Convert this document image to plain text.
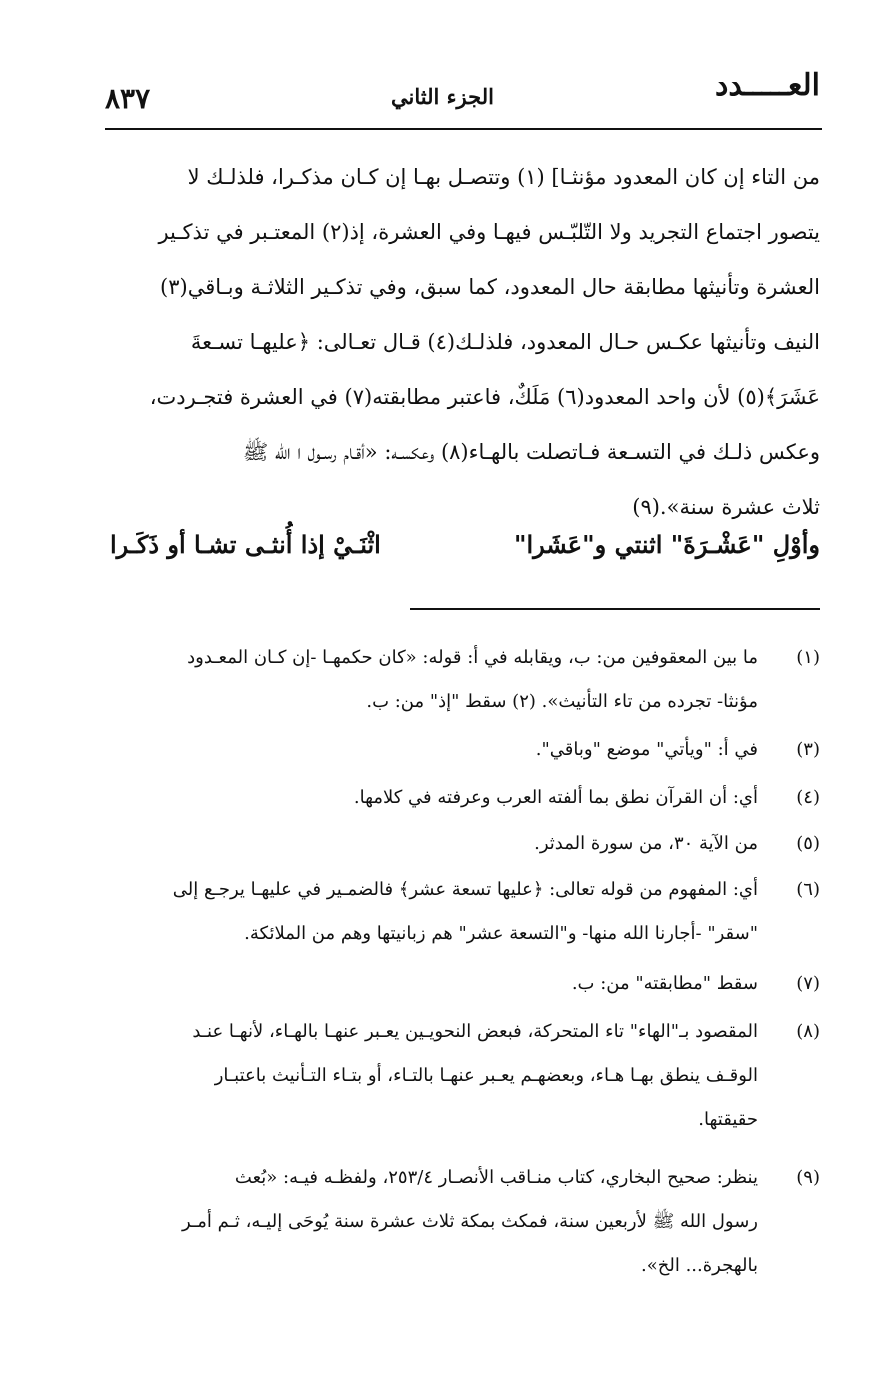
العـــــدد
الجزء الثاني
٨٣٧
من التاء إن كان المعدود مؤنثـا] (١) وتتصـل بهـا إن كـان مذكـرا، فلذلـك لا
يتصور اجتماع التجريد ولا التّلبّـس فيهـا وفي العشرة، إذ(٢) المعتـبر في تذكـير
العشرة وتأنيثها مطابقة حال المعدود، كما سبق، وفي تذكـير الثلاثـة وبـاقي(٣)
النيف وتأنيثها عكـس حـال المعدود، فلذلـك(٤) قـال تعـالى: ﴿عليهـا تسـعةَ
عَشَرَ﴾(٥) لأن واحد المعدود(٦) مَلَكٌ، فاعتبر مطابقته(٧) في العشرة فتجـردت،
وعكس ذلـك في التسـعة فـاتصلت بالهـاء(٨) وعكسـه: «أقـام رسـول ا الله ﷺ
ثلاث عشرة سنة».(٩)
وأوْلِ "عَشْـرَةَ" اثنتي و"عَشَرا"
اثْنَـيْ إذا أُنثـى تشـا أو ذَكَـرا
(١)
ما بين المعقوفين من: ب، ويقابله في أ: قوله: «كان حكمهـا -إن كـان المعـدود
مؤنثا- تجرده من تاء التأنيث». (٢) سقط "إذ" من: ب.
(٣)
في أ: "ويأتي" موضع "وباقي".
(٤)
أي: أن القرآن نطق بما ألفته العرب وعرفته في كلامها.
(٥)
من الآية ٣٠، من سورة المدثر.
(٦)
أي: المفهوم من قوله تعالى: ﴿عليها تسعة عشر﴾ فالضمـير في عليهـا يرجـع إلى
"سقر" -أجارنا الله منها- و"التسعة عشر" هم زبانيتها وهم من الملائكة.
(٧)
سقط "مطابقته" من: ب.
(٨)
المقصود بـ"الهاء" تاء المتحركة، فبعض النحويـين يعـبر عنهـا بالهـاء، لأنهـا عنـد
الوقـف ينطق بهـا هـاء، وبعضهـم يعـبر عنهـا بالتـاء، أو بتـاء التـأنيث باعتبـار
حقيقتها.
(٩)
ينظر: صحيح البخاري، كتاب منـاقب الأنصـار ٢٥٣/٤، ولفظـه فيـه: «بُعث
رسول الله ﷺ لأربعين سنة، فمكث بمكة ثلاث عشرة سنة يُوحَى إليـه، ثـم أمـر
بالهجرة... الخ».
